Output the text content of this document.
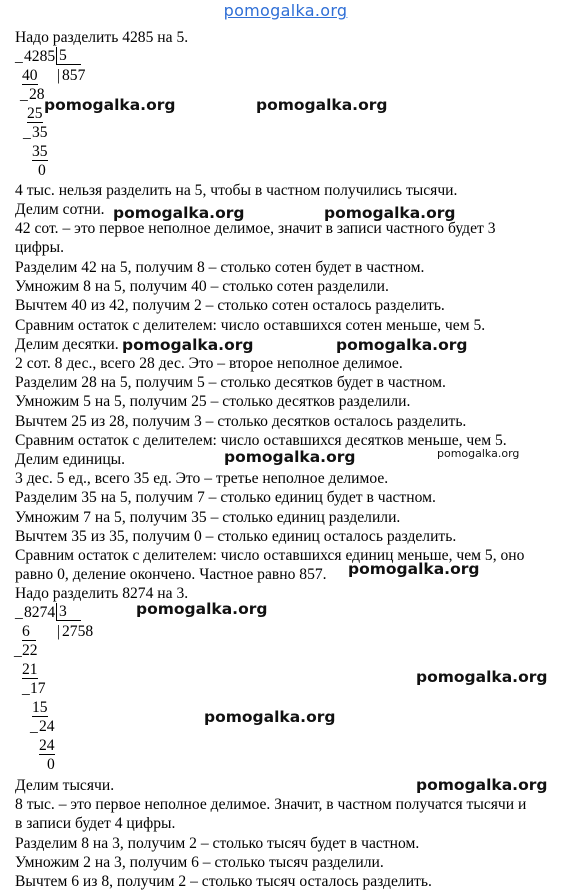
pomogalka.org
Надо разделить 4285 на 5.
_ 4285 5
40 | 857
_ 28
25
_ 35
35
0
4 тыс. нельзя разделить на 5, чтобы в частном получились тысячи.
Делим сотни.
42 сот. – это первое неполное делимое, значит в записи частного будет 3
цифры.
Разделим 42 на 5, получим 8 – столько сотен будет в частном.
Умножим 8 на 5, получим 40 – столько сотен разделили.
Вычтем 40 из 42, получим 2 – столько сотен осталось разделить.
Сравним остаток с делителем: число оставшихся сотен меньше, чем 5.
Делим десятки.
2 сот. 8 дес., всего 28 дес. Это – второе неполное делимое.
Разделим 28 на 5, получим 5 – столько десятков будет в частном.
Умножим 5 на 5, получим 25 – столько десятков разделили.
Вычтем 25 из 28, получим 3 – столько десятков осталось разделить.
Сравним остаток с делителем: число оставшихся десятков меньше, чем 5.
Делим единицы.
3 дес. 5 ед., всего 35 ед. Это – третье неполное делимое.
Разделим 35 на 5, получим 7 – столько единиц будет в частном.
Умножим 7 на 5, получим 35 – столько единиц разделили.
Вычтем 35 из 35, получим 0 – столько единиц осталось разделить.
Сравним остаток с делителем: число оставшихся единиц меньше, чем 5, оно
равно 0, деление окончено. Частное равно 857.
Надо разделить 8274 на 3.
_ 8274 3
6	| 2758
_ 22
21
_ 17
15
_ 24
24
0
Делим тысячи.
8 тыс. – это первое неполное делимое. Значит, в частном получатся тысячи и
в записи будет 4 цифры.
Разделим 8 на 3, получим 2 – столько тысяч будет в частном.
Умножим 2 на 3, получим 6 – столько тысяч разделили.
Вычтем 6 из 8, получим 2 – столько тысяч осталось разделить.
pomogalka.org	pomogalka.org
pomogalka.org	pomogalka.org
pomogalka.org	pomogalka.org
pomogalka.org	pomogalka.org
pomogalka.org
pomogalka.org
pomogalka.org
pomogalka.org
pomogalka.org
